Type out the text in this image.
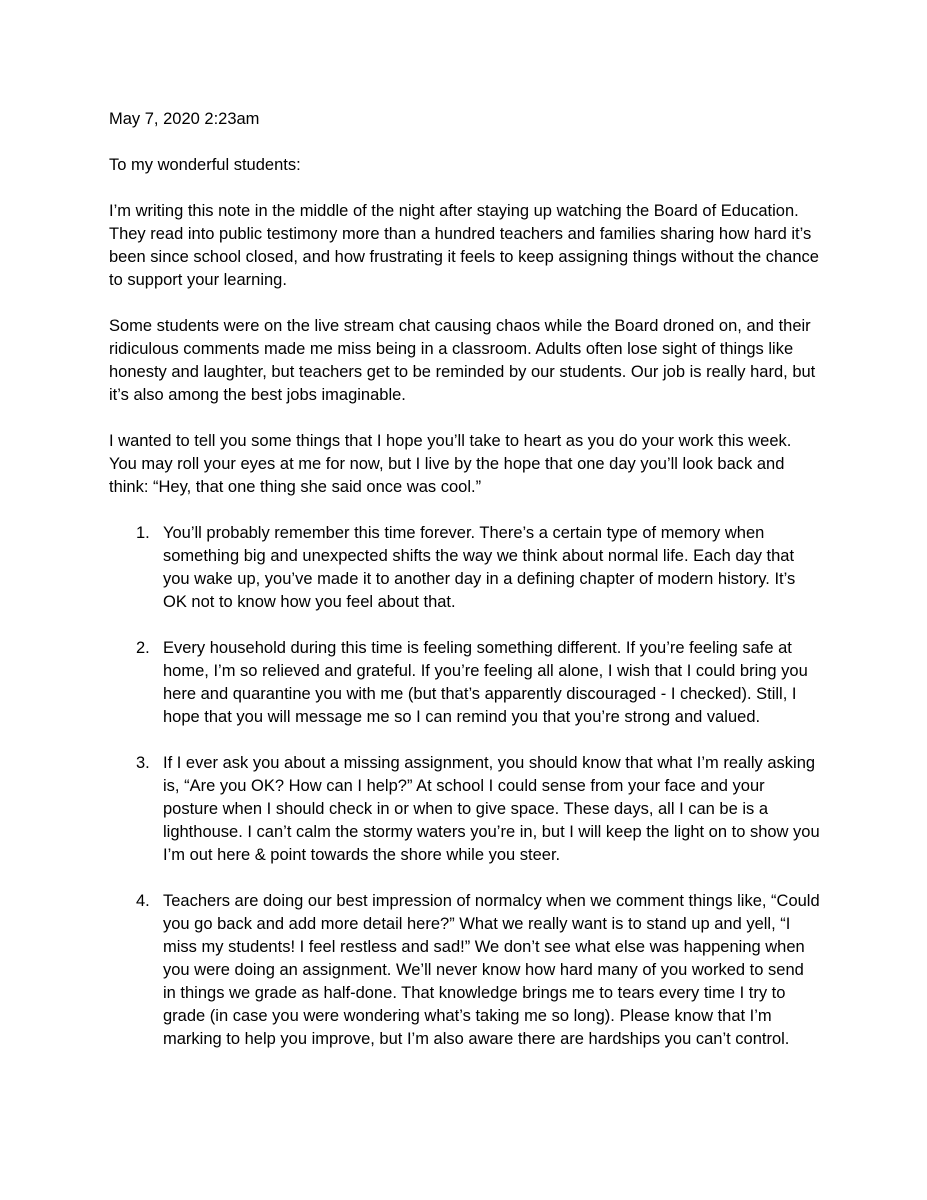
May 7, 2020 2:23am

To my wonderful students:

I’m writing this note in the middle of the night after staying up watching the Board of Education. They read into public testimony more than a hundred teachers and families sharing how hard it’s been since school closed, and how frustrating it feels to keep assigning things without the chance to support your learning.

Some students were on the live stream chat causing chaos while the Board droned on, and their ridiculous comments made me miss being in a classroom. Adults often lose sight of things like honesty and laughter, but teachers get to be reminded by our students. Our job is really hard, but it’s also among the best jobs imaginable.

I wanted to tell you some things that I hope you’ll take to heart as you do your work this week. You may roll your eyes at me for now, but I live by the hope that one day you’ll look back and think: “Hey, that one thing she said once was cool.”

1. You’ll probably remember this time forever. There’s a certain type of memory when something big and unexpected shifts the way we think about normal life. Each day that you wake up, you’ve made it to another day in a defining chapter of modern history. It’s OK not to know how you feel about that.
2. Every household during this time is feeling something different. If you’re feeling safe at home, I’m so relieved and grateful. If you’re feeling all alone, I wish that I could bring you here and quarantine you with me (but that’s apparently discouraged - I checked). Still, I hope that you will message me so I can remind you that you’re strong and valued.
3. If I ever ask you about a missing assignment, you should know that what I’m really asking is, “Are you OK? How can I help?” At school I could sense from your face and your posture when I should check in or when to give space. These days, all I can be is a lighthouse. I can’t calm the stormy waters you’re in, but I will keep the light on to show you I’m out here & point towards the shore while you steer.
4. Teachers are doing our best impression of normalcy when we comment things like, “Could you go back and add more detail here?” What we really want is to stand up and yell, “I miss my students! I feel restless and sad!” We don’t see what else was happening when you were doing an assignment. We’ll never know how hard many of you worked to send in things we grade as half-done. That knowledge brings me to tears every time I try to grade (in case you were wondering what’s taking me so long). Please know that I’m marking to help you improve, but I’m also aware there are hardships you can’t control.
